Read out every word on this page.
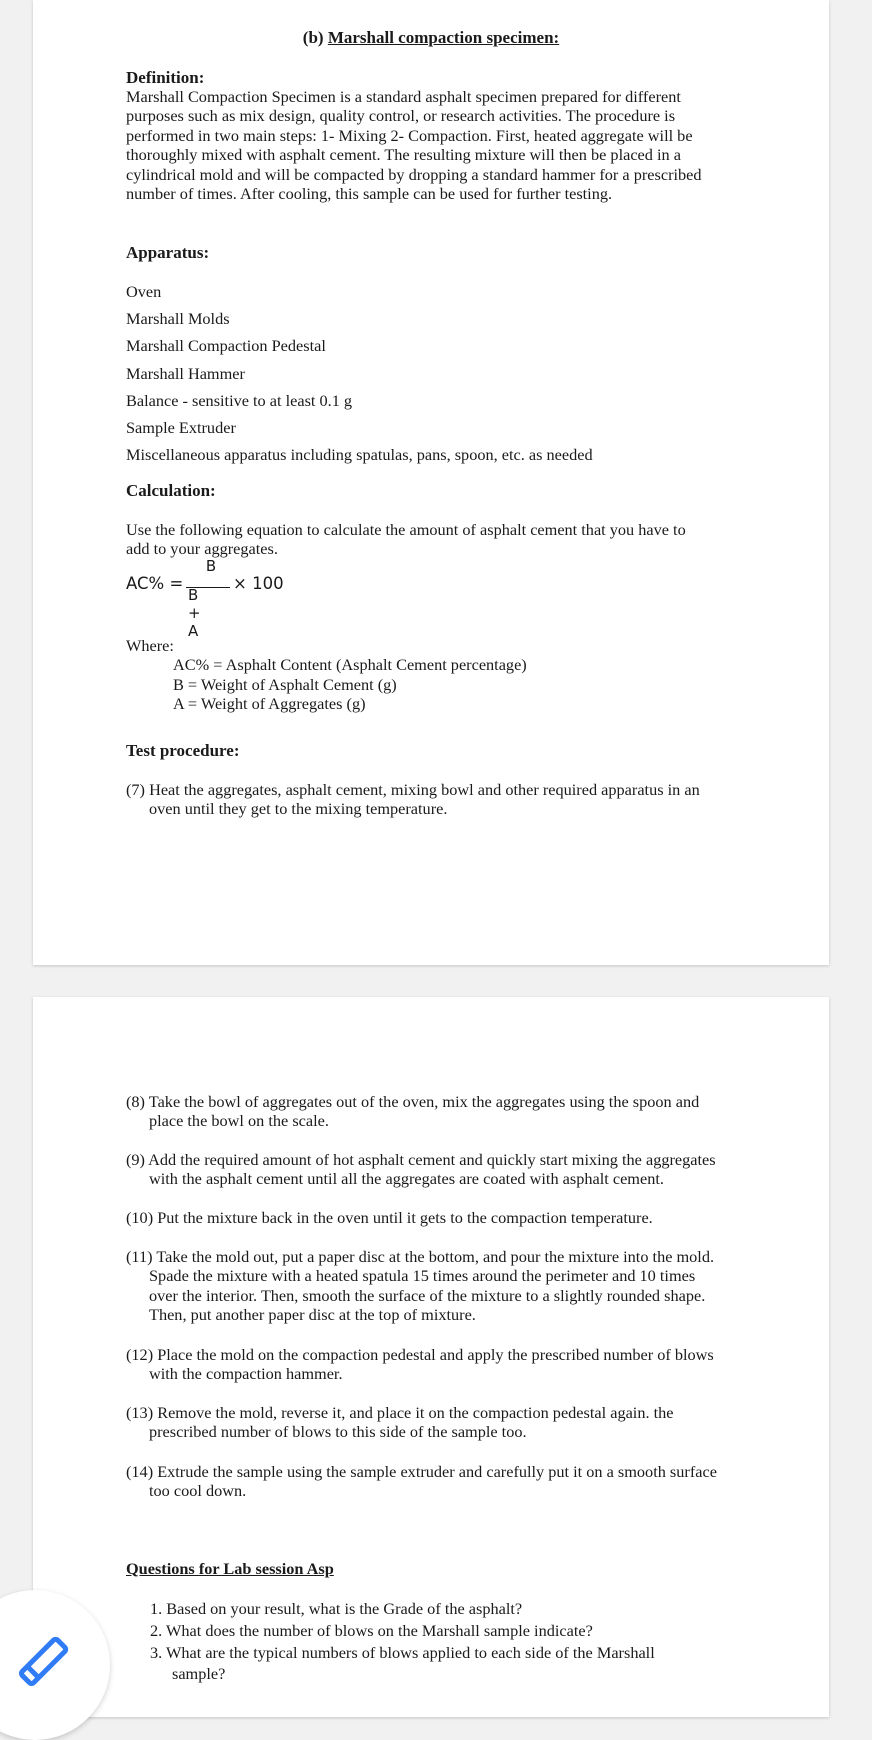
(b) Marshall compaction specimen:
Definition:
Marshall Compaction Specimen is a standard asphalt specimen prepared for different
purposes such as mix design, quality control, or research activities. The procedure is
performed in two main steps: 1- Mixing 2- Compaction. First, heated aggregate will be
thoroughly mixed with asphalt cement. The resulting mixture will then be placed in a
cylindrical mold and will be compacted by dropping a standard hammer for a prescribed
number of times. After cooling, this sample can be used for further testing.
Apparatus:
Oven
Marshall Molds
Marshall Compaction Pedestal
Marshall Hammer
Balance - sensitive to at least 0.1 g
Sample Extruder
Miscellaneous apparatus including spatulas, pans, spoon, etc. as needed
Calculation:
Use the following equation to calculate the amount of asphalt cement that you have to
add to your aggregates.
AC% =
B
B + A
× 100
Where:
AC% = Asphalt Content (Asphalt Cement percentage)
B = Weight of Asphalt Cement (g)
A = Weight of Aggregates (g)
Test procedure:
(7) Heat the aggregates, asphalt cement, mixing bowl and other required apparatus in an
oven until they get to the mixing temperature.
(8) Take the bowl of aggregates out of the oven, mix the aggregates using the spoon and
place the bowl on the scale.
(9) Add the required amount of hot asphalt cement and quickly start mixing the aggregates
with the asphalt cement until all the aggregates are coated with asphalt cement.
(10) Put the mixture back in the oven until it gets to the compaction temperature.
(11) Take the mold out, put a paper disc at the bottom, and pour the mixture into the mold.
Spade the mixture with a heated spatula 15 times around the perimeter and 10 times
over the interior. Then, smooth the surface of the mixture to a slightly rounded shape.
Then, put another paper disc at the top of mixture.
(12) Place the mold on the compaction pedestal and apply the prescribed number of blows
with the compaction hammer.
(13) Remove the mold, reverse it, and place it on the compaction pedestal again. the
prescribed number of blows to this side of the sample too.
(14) Extrude the sample using the sample extruder and carefully put it on a smooth surface
too cool down.
Questions for Lab session Asp
1. Based on your result, what is the Grade of the asphalt?
2. What does the number of blows on the Marshall sample indicate?
3. What are the typical numbers of blows applied to each side of the Marshall
sample?
